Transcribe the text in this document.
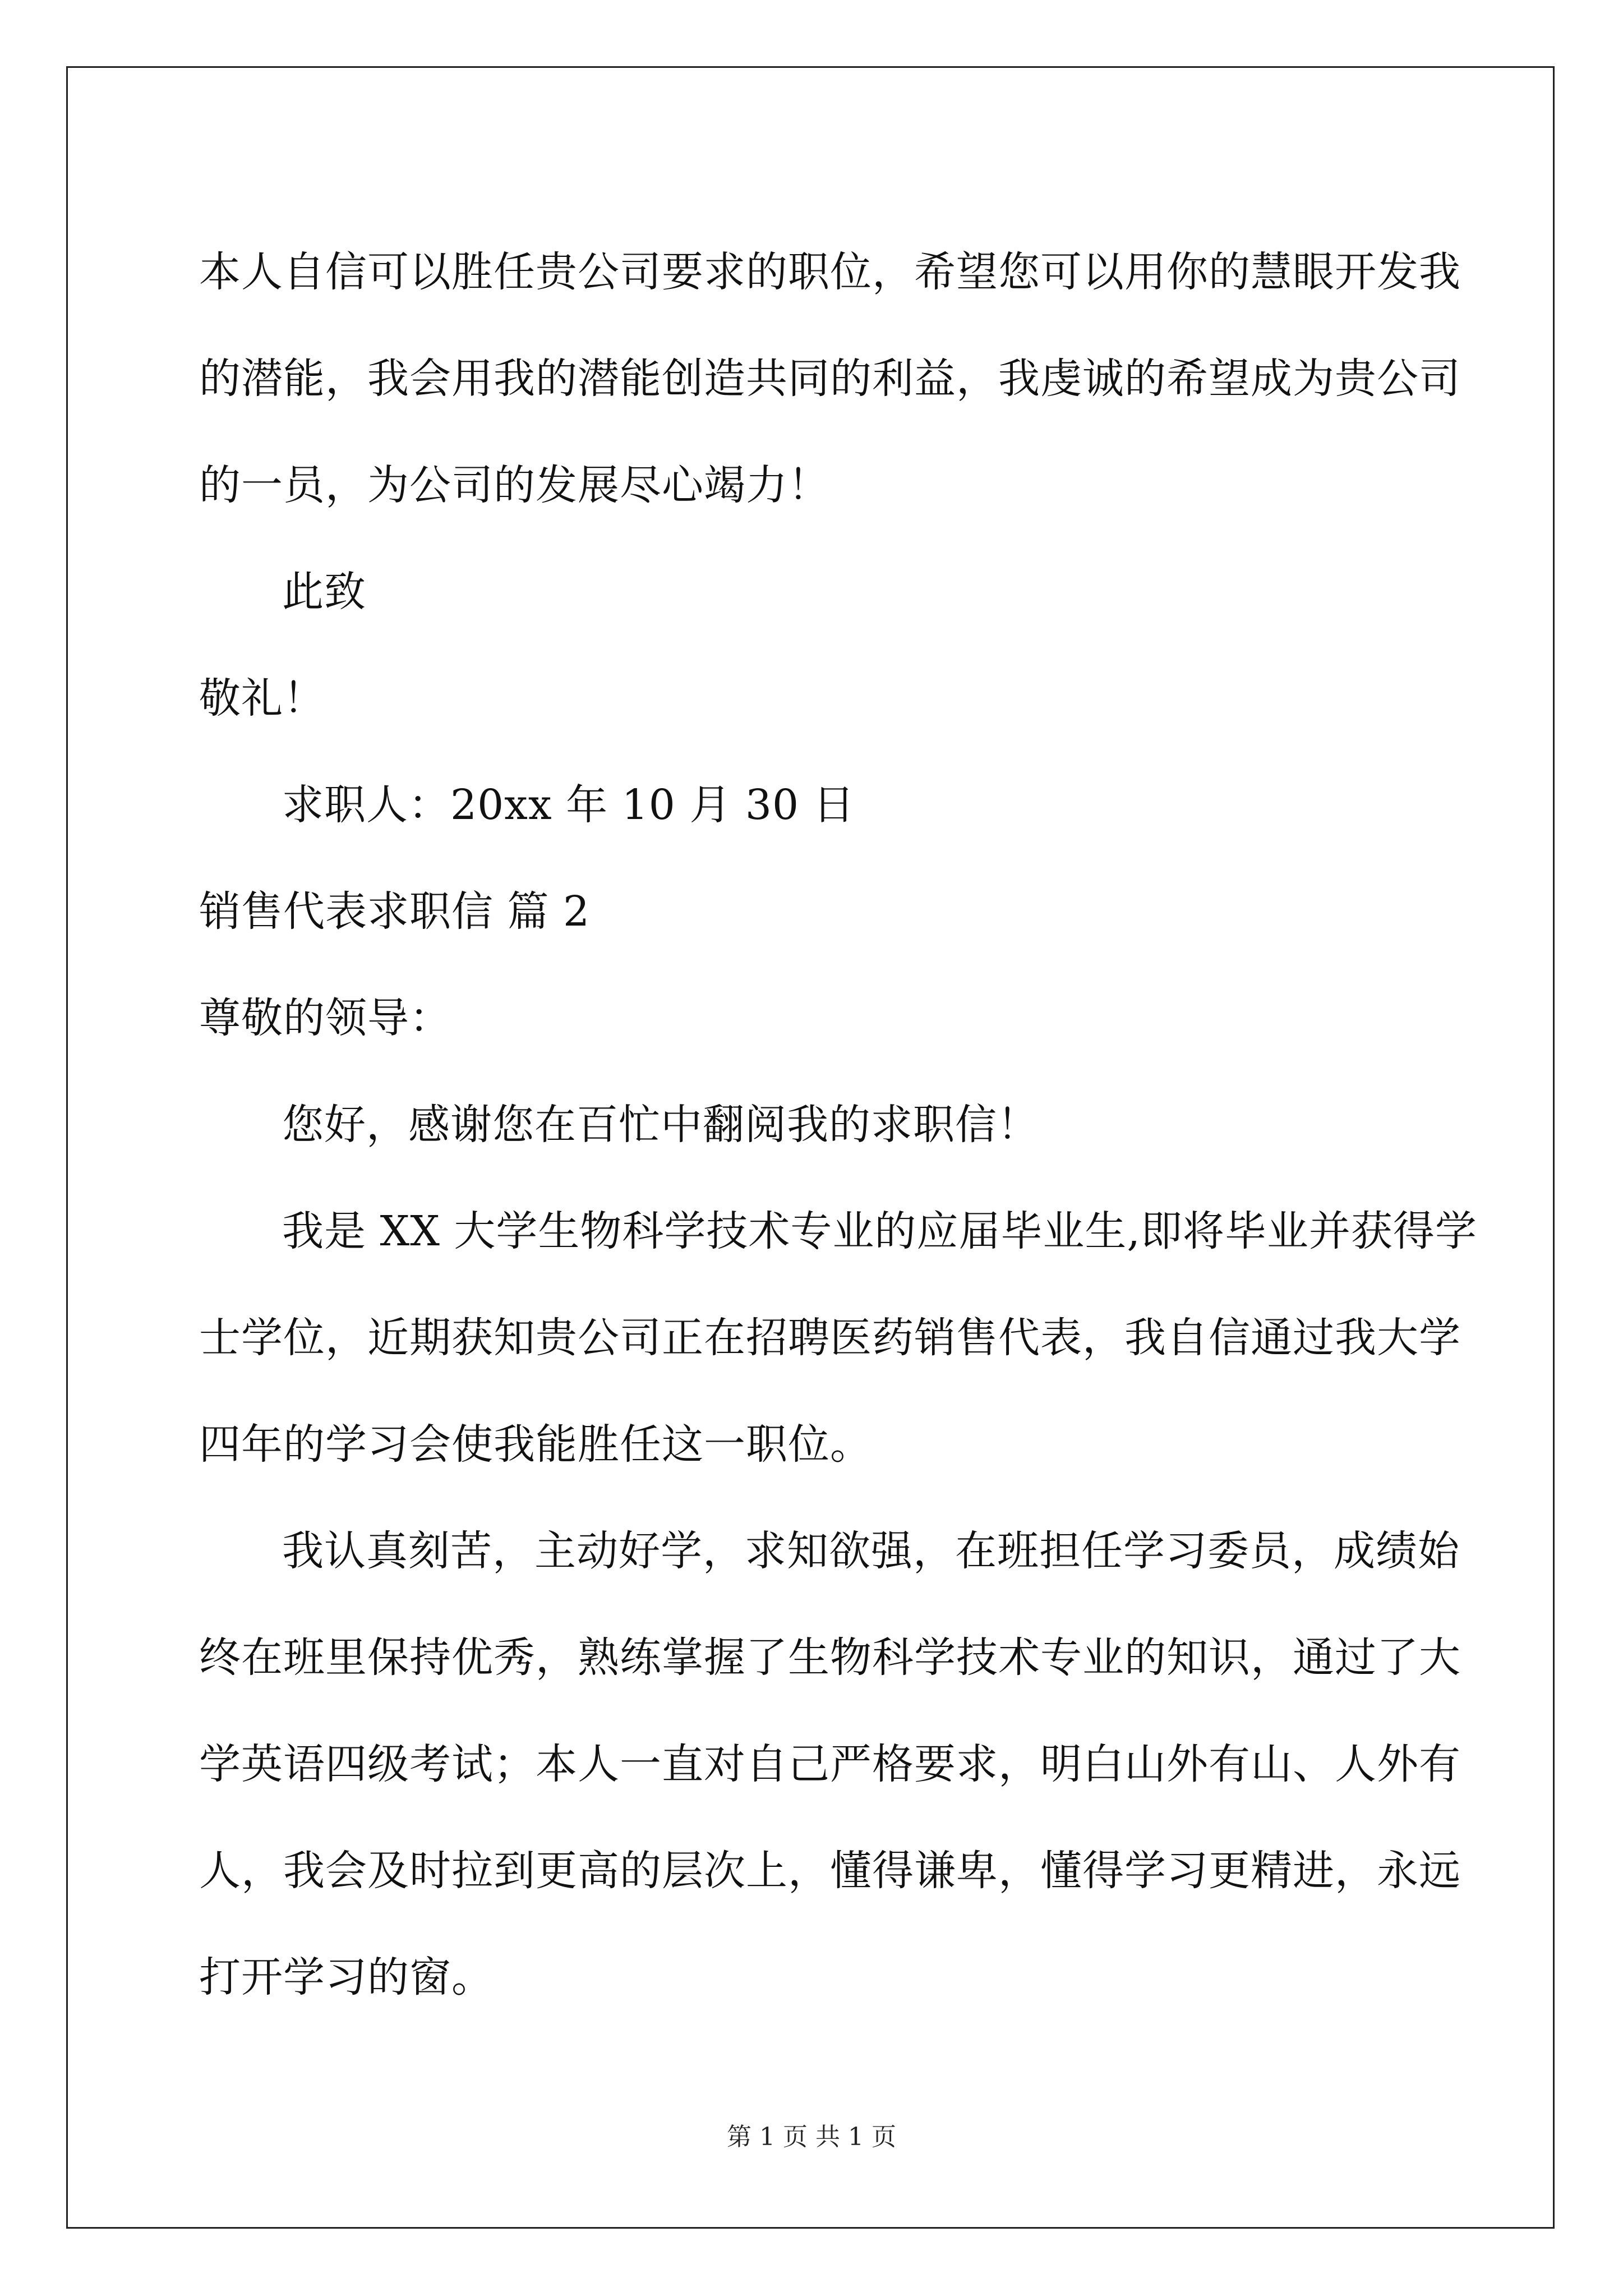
本人自信可以胜任贵公司要求的职位，希望您可以用你的慧眼开发我
的潜能，我会用我的潜能创造共同的利益，我虔诚的希望成为贵公司
的一员，为公司的发展尽心竭力！
此致
敬礼！
求职人：20xx 年 10 月 30 日
销售代表求职信 篇 2
尊敬的领导：
您好，感谢您在百忙中翻阅我的求职信！
我是 XX 大学生物科学技术专业的应届毕业生,即将毕业并获得学
士学位，近期获知贵公司正在招聘医药销售代表，我自信通过我大学
四年的学习会使我能胜任这一职位。
我认真刻苦，主动好学，求知欲强，在班担任学习委员，成绩始
终在班里保持优秀，熟练掌握了生物科学技术专业的知识，通过了大
学英语四级考试；本人一直对自己严格要求，明白山外有山、人外有
人，我会及时拉到更高的层次上，懂得谦卑，懂得学习更精进，永远
打开学习的窗。
第 1 页 共 1 页
